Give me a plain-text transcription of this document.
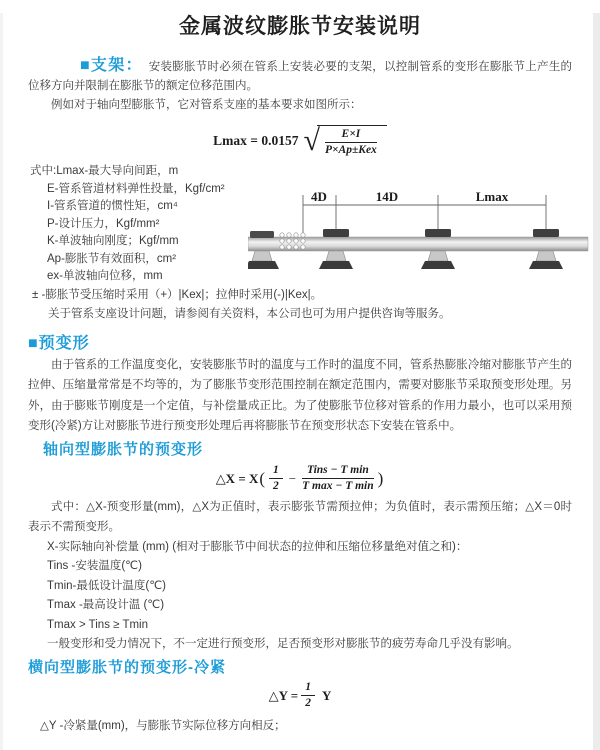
金属波纹膨胀节安装说明

■支架： 安装膨胀节时必须在管系上安装必要的支架，以控制管系的变形在膨胀节上产生的位移方向并限制在膨胀节的额定位移范围内。

例如对于轴向型膨胀节，它对管系支座的基本要求如图所示：

Lmax = 0.0157 √ $\frac{E\times I}{\text{P×Ap±Kex}}$
式中:Lmax-最大导向间距，m
E-管系管道材料弹性投量，Kgf/cm²
I-管系管道的惯性矩，cm⁴
P-设计压力，Kgf/mm²
K-单波轴向刚度；Kgf/mm
Ap-膨胀节有效面积，cm²
ex-单波轴向位移，mm
± -膨胀节受压缩时采用（+）|Kex|；拉伸时采用(-)|Kex|。
关于管系支座设计问题，请参阅有关资料，本公司也可为用户提供咨询等服务。
4D	14D	Lmax
■预变形

由于管系的工作温度变化，安装膨胀节时的温度与工作时的温度不同，管系热膨胀冷缩对膨胀节产生的拉伸、压缩量常常是不均等的，为了膨胀节变形范围控制在额定范围内，需要对膨胀节采取预变形处理。另外，由于膨账节刚度是一个定值，与补偿量成正比。为了使膨胀节位移对管系的作用力最小，也可以采用预变形(冷紧)方让对膨胀节进行预变形处理后再将膨胀节在预变形状态下安装在管系中。

轴向型膨胀节的预变形
△X = X ( $\frac{1}{2} - \frac{\text{Tins − T min}}{\text{T max − T min}}$ )

式中：△X-预变形量(mm)，△X为正值时，表示膨张节需预拉伸；为负值时，表示需预压缩；△X＝0时表示不需预变形。

X-实际轴向补偿量 (mm) (相对于膨胀节中间状态的拉伸和压缩位移量绝对值之和)：
Tins -安装温度(℃)
Tmin-最低设计温度(℃)
Tmax -最高设计温 (℃)
Tmax > Tins ≥ Tmin
一般变形和受力情况下，不一定进行预变形，足否预变形对膨胀节的疲劳寿命几乎没有影响。
横向型膨胀节的预变形-冷紧
△Y = $\frac{1}{2}$ Y

△Y -冷紧量(mm)，与膨胀节实际位移方向相反；
